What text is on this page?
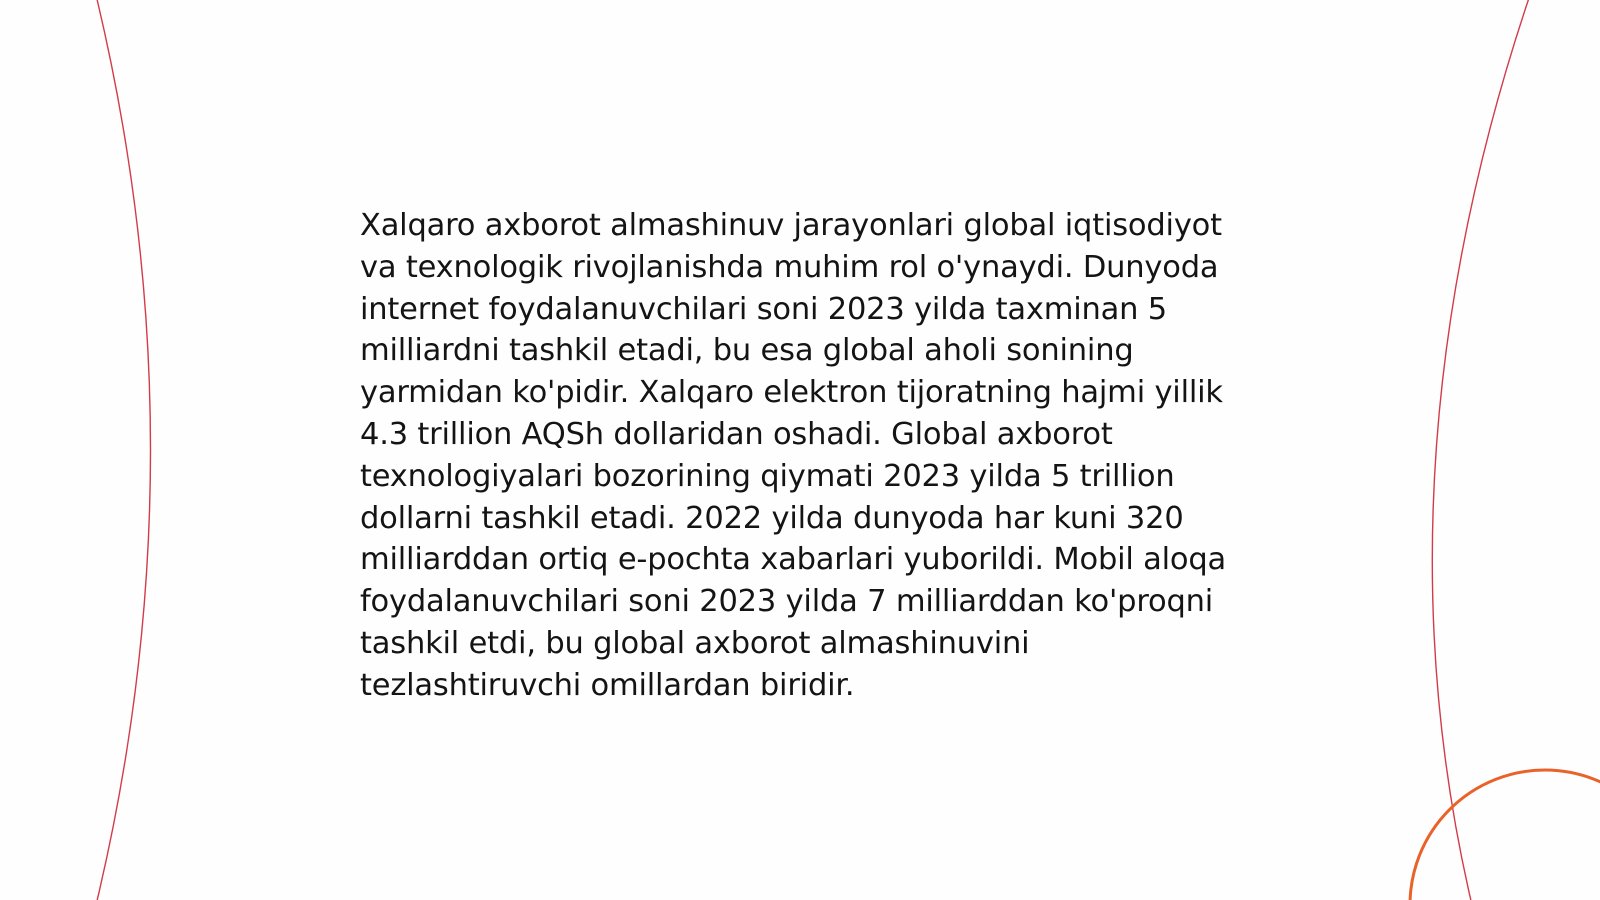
Xalqaro axborot almashinuv jarayonlari global iqtisodiyot va texnologik rivojlanishda muhim rol o'ynaydi. Dunyoda internet foydalanuvchilari soni 2023 yilda taxminan 5 milliardni tashkil etadi, bu esa global aholi sonining yarmidan ko'pidir. Xalqaro elektron tijoratning hajmi yillik 4.3 trillion AQSh dollaridan oshadi. Global axborot texnologiyalari bozorining qiymati 2023 yilda 5 trillion dollarni tashkil etadi. 2022 yilda dunyoda har kuni 320 milliarddan ortiq e-pochta xabarlari yuborildi. Mobil aloqa foydalanuvchilari soni 2023 yilda 7 milliarddan ko'proqni tashkil etdi, bu global axborot almashinuvini tezlashtiruvchi omillardan biridir.
